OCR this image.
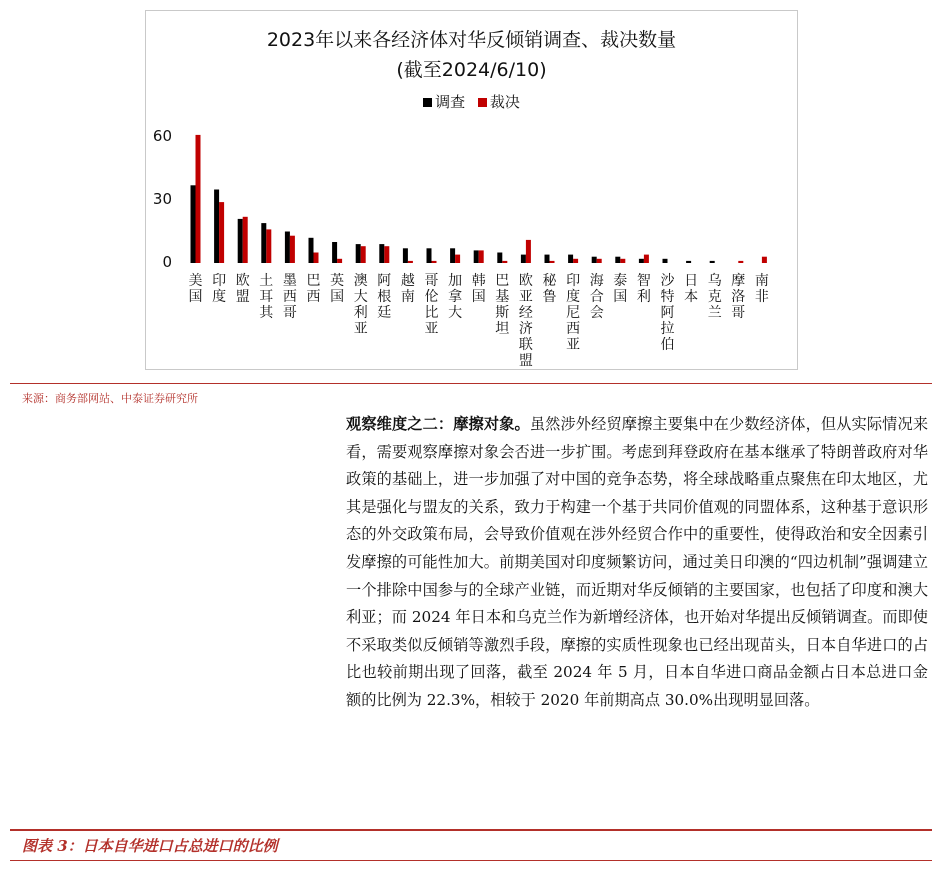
2023年以来各经济体对华反倾销调查、裁决数量
(截至2024/6/10)
调查 裁决
美
国
印
度
欧
盟
土
耳
其
墨
西
哥
巴
西
英
国
澳
大
利
亚
阿
根
廷
越
南
哥
伦
比
亚
加
拿
大
韩
国
巴
基
斯
坦
欧
亚
经
济
联
盟
秘
鲁
印
度
尼
西
亚
海
合
会
泰
国
智
利
沙
特
阿
拉
伯
日
本
乌
克
兰
摩
洛
哥
南
非
0
30
60
来源：商务部网站、中泰证券研究所
观察维度之二：摩擦对象。虽然涉外经贸摩擦主要集中在少数经济体，但从实际情况来看，需要观察摩擦对象会否进一步扩围。考虑到拜登政府在基本继承了特朗普政府对华政策的基础上，进一步加强了对中国的竞争态势，将全球战略重点聚焦在印太地区，尤其是强化与盟友的关系，致力于构建一个基于共同价值观的同盟体系，这种基于意识形态的外交政策布局，会导致价值观在涉外经贸合作中的重要性，使得政治和安全因素引发摩擦的可能性加大。前期美国对印度频繁访问，通过美日印澳的“四边机制”强调建立一个排除中国参与的全球产业链，而近期对华反倾销的主要国家，也包括了印度和澳大利亚；而 2024 年日本和乌克兰作为新增经济体，也开始对华提出反倾销调查。而即使不采取类似反倾销等激烈手段，摩擦的实质性现象也已经出现苗头，日本自华进口的占比也较前期出现了回落，截至 2024 年 5 月，日本自华进口商品金额占日本总进口金额的比例为 22.3%，相较于 2020 年前期高点 30.0%出现明显回落。
图表 3：日本自华进口占总进口的比例
